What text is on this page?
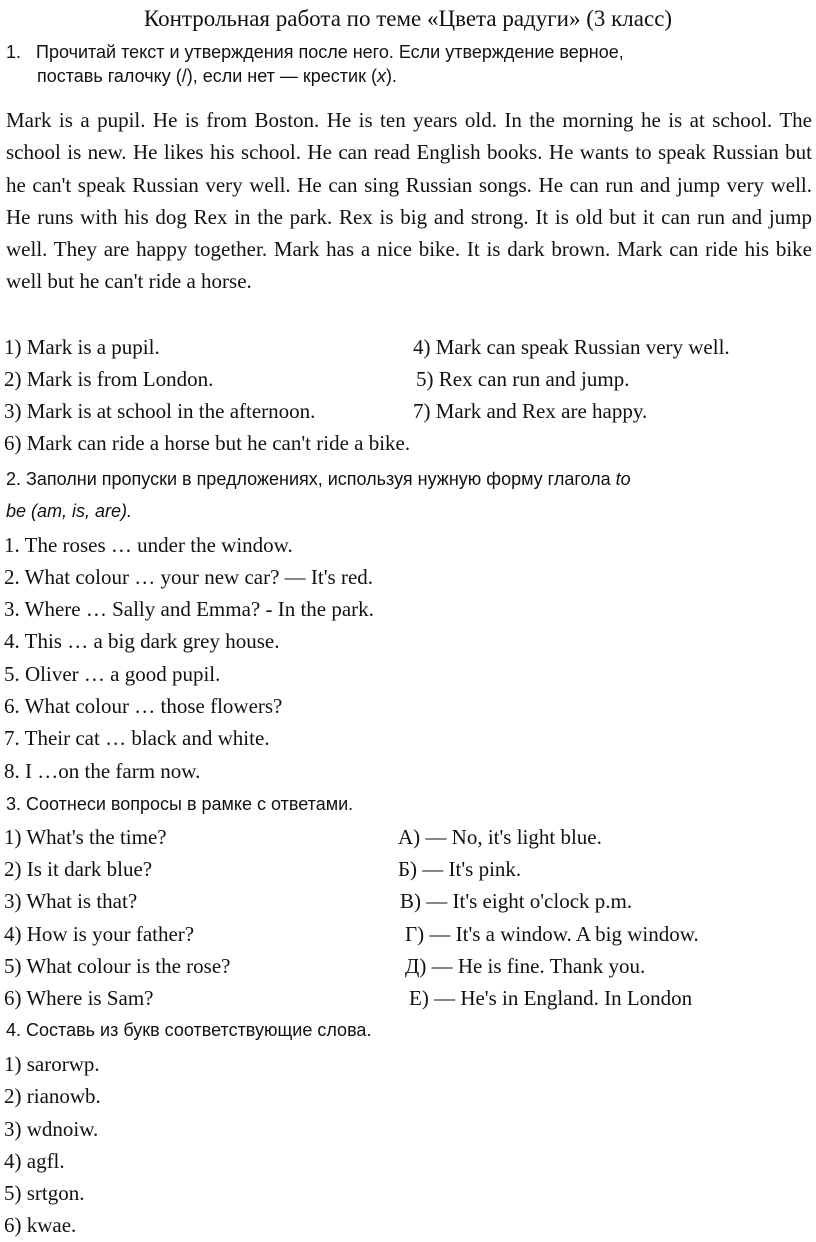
Контрольная работа по теме «Цвета радуги» (3 класс)
1. Прочитай текст и утверждения после него. Если утверждение верное,
поставь галочку (/), если нет — крестик (x).
Mark is a pupil. He is from Boston. He is ten years old. In the morning he is at school. The school is new. He likes his school. He can read English books. He wants to speak Russian but he can't speak Russian very well. He can sing Russian songs. He can run and jump very well. He runs with his dog Rex in the park. Rex is big and strong. It is old but it can run and jump well. They are happy together. Mark has a nice bike. It is dark brown. Mark can ride his bike well but he can't ride a horse.
1) Mark is a pupil.	4) Mark can speak Russian very well.
2) Mark is from London.	5) Rex can run and jump.
3) Mark is at school in the afternoon.	7) Mark and Rex are happy.
6) Mark can ride a horse but he can't ride a bike.
2. Заполни пропуски в предложениях, используя нужную форму глагола to
be (am, is, are).
1. The roses … under the window.
2. What colour … your new car? — It's red.
3. Where … Sally and Emma? - In the park.
4. This … a big dark grey house.
5. Oliver … a good pupil.
6. What colour … those flowers?
7. Their cat … black and white.
8. I …on the farm now.
3. Соотнеси вопросы в рамке с ответами.
1) What's the time?	А) — No, it's light blue.
2) Is it dark blue?	Б) — It's pink.
3) What is that?	В) — It's eight o'clock p.m.
4) How is your father?	Г) — It's a window. A big window.
5) What colour is the rose?	Д) — He is fine. Thank you.
6) Where is Sam?	Е) — He's in England. In London
4. Составь из букв соответствующие слова.
1) sarorwp.
2) rianowb.
3) wdnoiw.
4) agfl.
5) srtgon.
6) kwae.
